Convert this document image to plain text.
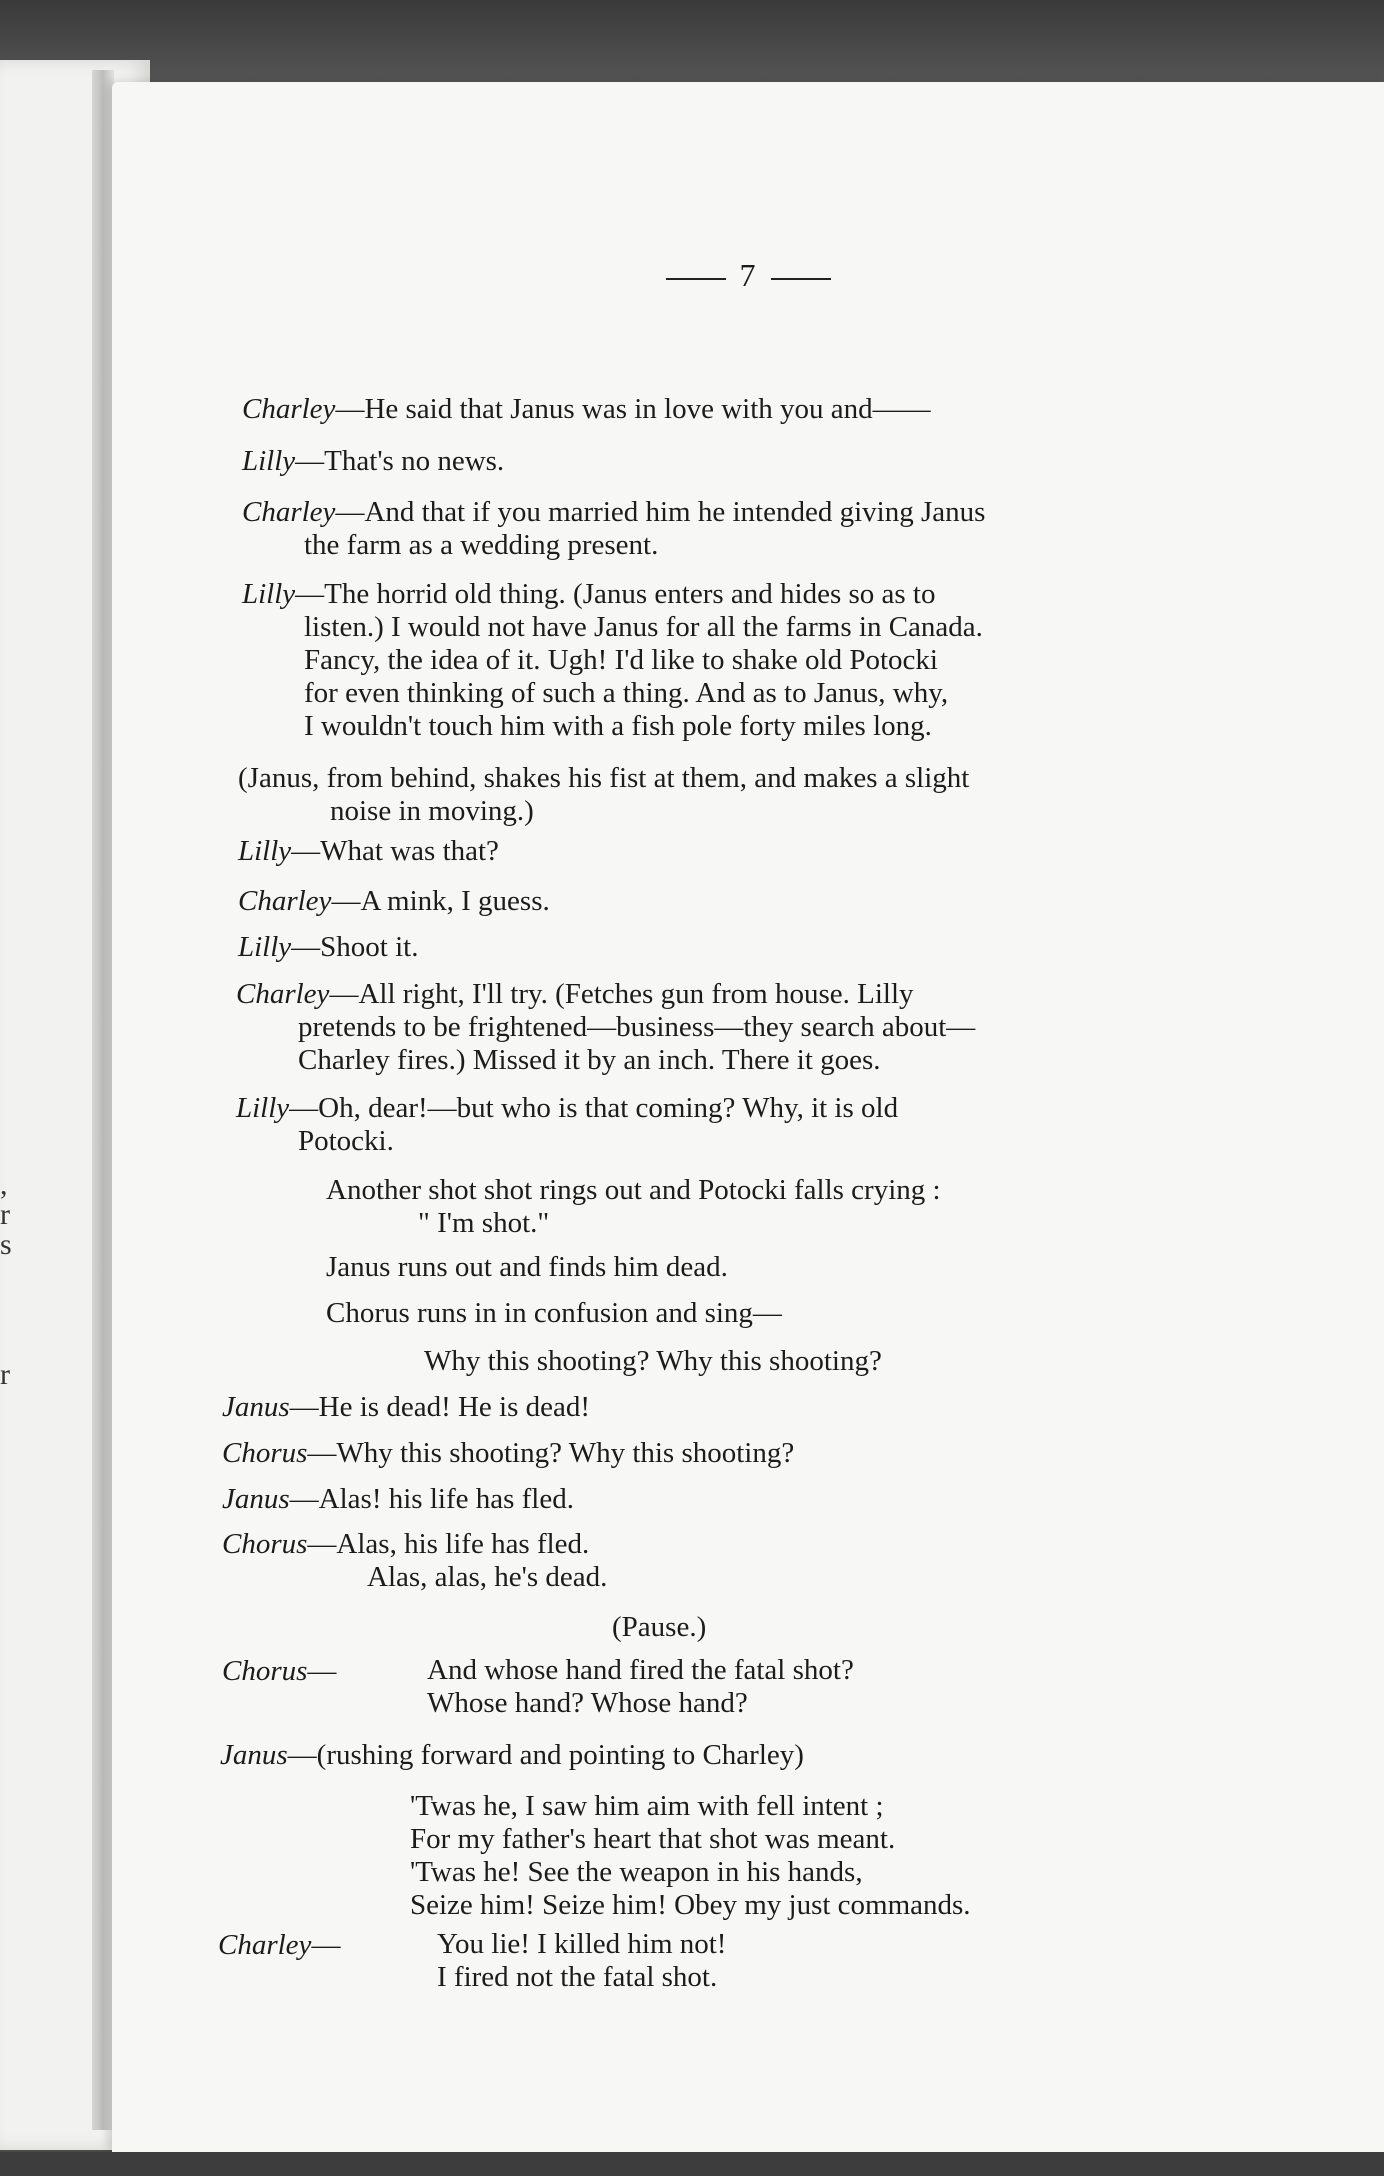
,
r
s
r
7
Charley—He said that Janus was in love with you and——
Lilly—That's no news.
Charley—And that if you married him he intended giving Janus
the farm as a wedding present.
Lilly—The horrid old thing. (Janus enters and hides so as to
listen.) I would not have Janus for all the farms in Canada.
Fancy, the idea of it. Ugh! I'd like to shake old Potocki
for even thinking of such a thing. And as to Janus, why,
I wouldn't touch him with a fish pole forty miles long.
(Janus, from behind, shakes his fist at them, and makes a slight
noise in moving.)
Lilly—What was that?
Charley—A mink, I guess.
Lilly—Shoot it.
Charley—All right, I'll try. (Fetches gun from house. Lilly
pretends to be frightened—business—they search about—
Charley fires.) Missed it by an inch. There it goes.
Lilly—Oh, dear!—but who is that coming? Why, it is old
Potocki.
Another shot shot rings out and Potocki falls crying :
" I'm shot."
Janus runs out and finds him dead.
Chorus runs in in confusion and sing—
Why this shooting? Why this shooting?
Janus—He is dead! He is dead!
Chorus—Why this shooting? Why this shooting?
Janus—Alas! his life has fled.
Chorus—Alas, his life has fled.
Alas, alas, he's dead.
(Pause.)
Chorus—	And whose hand fired the fatal shot?
Whose hand? Whose hand?
Janus—(rushing forward and pointing to Charley)
'Twas he, I saw him aim with fell intent ;
For my father's heart that shot was meant.
'Twas he! See the weapon in his hands,
Seize him! Seize him! Obey my just commands.
Charley—	You lie! I killed him not!
I fired not the fatal shot.
